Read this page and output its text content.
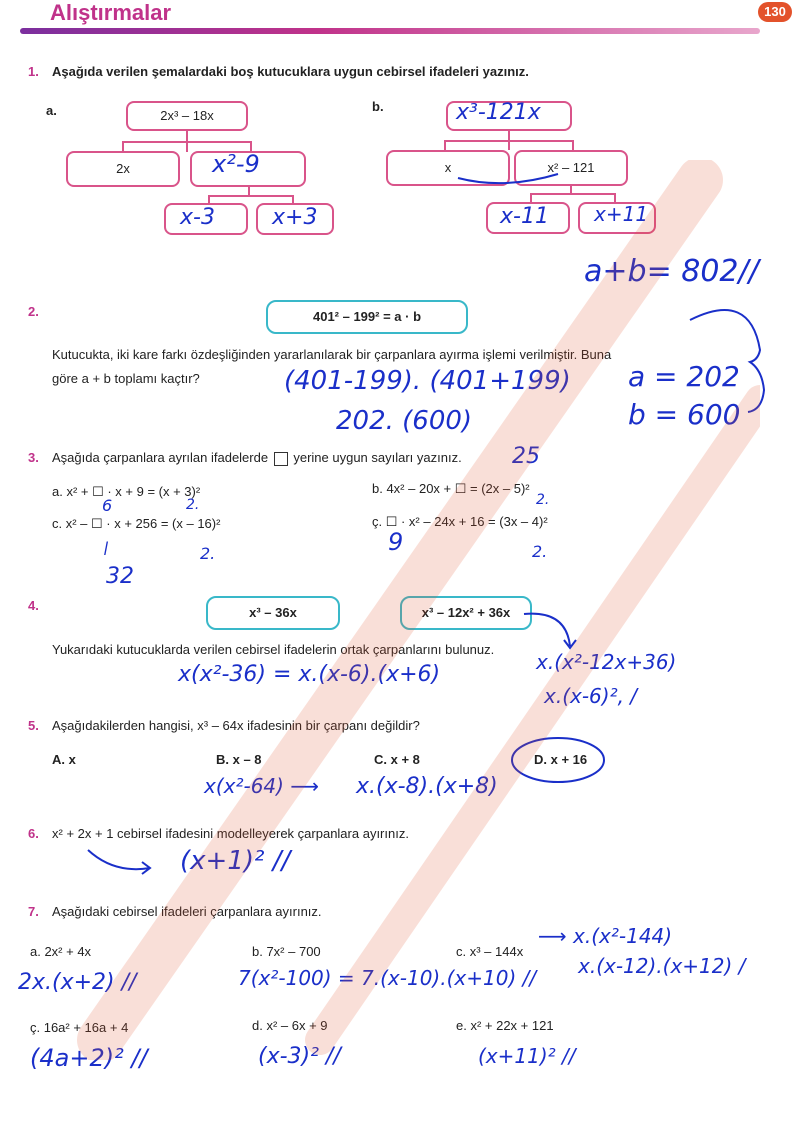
Alıştırmalar	130
1. Aşağıda verilen şemalardaki boş kutucuklara uygun cebirsel ifadeleri yazınız.
a.	b.
2x³ – 18x
2x	x²-9
x-3	x+3
x	x² – 121
x³-121x
x-11 x+11
a+b= 802//
2.	401² – 199² = a · b
Kutucukta, iki kare farkı özdeşliğinden yararlanılarak bir çarpanlara ayırma işlemi verilmiştir. Buna
göre a + b toplamı kaçtır?	(401-199). (401+199)
202. (600)
a = 202
b = 600
3. Aşağıda çarpanlara ayrılan ifadelerde yerine uygun sayıları yazınız. 25
a. x² + ☐ · x + 9 = (x + 3)²	b. 4x² – 20x + ☐ = (2x – 5)²
6	2.	2.
c. x² – ☐ · x + 256 = (x – 16)²	ç. ☐ · x² – 24x + 16 = (3x – 4)²
ǀ
32
2.	9	2.
4.	x³ – 36x	x³ – 12x² + 36x
Yukarıdaki kutucuklarda verilen cebirsel ifadelerin ortak çarpanlarını bulunuz.
x(x²-36) = x.(x-6).(x+6)	x.(x²-12x+36)
x.(x-6)², /
5. Aşağıdakilerden hangisi, x³ – 64x ifadesinin bir çarpanı değildir?
A. x	B. x – 8	C. x + 8	D. x + 16
x(x²-64) ⟶ x.(x-8).(x+8)
6. x² + 2x + 1 cebirsel ifadesini modelleyerek çarpanlara ayırınız.
(x+1)² //
7. Aşağıdaki cebirsel ifadeleri çarpanlara ayırınız.
a. 2x² + 4x	b. 7x² – 700	c. x³ – 144x
⟶ x.(x²-144)
x.(x-12).(x+12) /
2x.(x+2) //	7(x²-100) = 7.(x-10).(x+10) //
ç. 16a² + 16a + 4	d. x² – 6x + 9	e. x² + 22x + 121
(4a+2)² //	(x-3)² //	(x+11)² //
